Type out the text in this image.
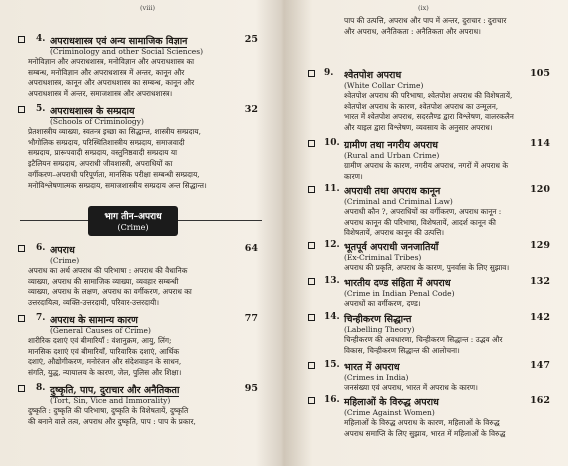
(viii)
4. अपराधशास्त्र एवं अन्य सामाजिक विज्ञान	25
(Criminology and other Social Sciences)
मनोविज्ञान और अपराधशास्त्र, मनोविज्ञान और अपराधशास्त्र का
सम्बन्ध, मनोविज्ञान और अपराधशास्त्र में अन्तर, कानून और
अपराधशास्त्र, कानून और अपराधशास्त्र का सम्बन्ध, कानून और
अपराधशास्त्र में अन्तर, समाजशास्त्र और अपराधशास्त्र।
5. अपराधशास्त्र के सम्प्रदाय	32
(Schools of Criminology)
प्रेतशास्त्रीय व्याख्या, स्वतन्त्र इच्छा का सिद्धान्त, शास्त्रीय सम्प्रदाय,
भौगोलिक सम्प्रदाय, परिस्थितिशास्त्रीय सम्प्रदाय, समाजवादी
सम्प्रदाय, प्रारूपवादी सम्प्रदाय, वस्तुनिष्ठवादी सम्प्रदाय या
इटैलियन सम्प्रदाय, अपराधी जीवशास्त्री, अपराधियों का
वर्गीकरण–अपराधी परिपूर्णता, मानसिक परीक्षा सम्बन्धी सम्प्रदाय,
मनोविश्लेषणात्मक सम्प्रदाय, समाजशास्त्रीय सम्प्रदाय अन्त सिद्धान्त।
भाग तीन–अपराध
(Crime)
6. अपराध	64
(Crime)
अपराध का अर्थ अपराध की परिभाषा : अपराध की वैधानिक
व्याख्या, अपराध की सामाजिक व्याख्या, व्यवहार सम्बन्धी
व्याख्या, अपराध के लक्षण, अपराध का वर्गीकरण, अपराध का
उत्तरदायित्व, व्यक्ति-उत्तरदायी, परिवार-उत्तरदायी।
7. अपराध के सामान्य कारण	77
(General Causes of Crime)
शारीरिक दशाएं एवं बीमारियाँ : वंशानुक्रम, आयु, लिंग;
मानसिक दशाएं एवं बीमारियाँ, पारिवारिक दशाएं, आर्थिक
दशाएं, औद्योगीकरण, मनोरंजन और संदेशवाहन के साधन,
संगति, युद्ध, न्यायालय के कारण, जेल, पुलिस और शिक्षा।
8. दुष्कृति, पाप, दुराचार और अनैतिकता	95
(Tort, Sin, Vice and Immorality)
दुष्कृति : दुष्कृति की परिभाषा, दुष्कृति के विशेषतायें, दुष्कृति
की बनाने वाले तत्व, अपराध और दुष्कृति, पाप : पाप के प्रकार,
(ix)
पाप की उत्पत्ति, अपराध और पाप में अन्तर, दुराचार : दुराचार
और अपराध, अनैतिकता : अनैतिकता और अपराध।
9. श्वेतपोश अपराध	105
(White Collar Crime)
श्वेतपोश अपराध की परिभाषा, श्वेतपोश अपराध की विशेषतायें,
श्वेतपोश अपराध के कारण, श्वेतपोश अपराध का उन्मूलन,
भारत में श्वेतपोश अपराध, सदरलैण्ड द्वारा विश्लेषण, वालरकलैन
और याइल द्वारा विश्लेषण, व्यवसाय के अनुसार अपराध।
10. ग्रामीण तथा नगरीय अपराध	114
(Rural and Urban Crime)
ग्रामीण अपराध के कारण, नगरीय अपराध, नगरों में अपराध के
कारण।
11. अपराधी तथा अपराध कानून	120
(Criminal and Criminal Law)
अपराधी कौन ?, अपराधियों का वर्गीकरण, अपराध कानून :
अपराध कानून की परिभाषा, विशेषतायें, आदर्श कानून की
विशेषतायें, अपराध कानून की उत्पत्ति।
12. भूतपूर्व अपराधी जनजातियाँ	129
(Ex-Criminal Tribes)
अपराध की प्रकृति, अपराध के कारण, पुनर्वास के लिए सुझाव।
13. भारतीय दण्ड संहिता में अपराध	132
(Crime in Indian Penal Code)
अपराधों का वर्गीकरण, दण्ड।
14. चिन्हीकरण सिद्धान्त	142
(Labelling Theory)
चिन्हीकरण की अवधारणा, चिन्हीकरण सिद्धान्त : उद्भव और
विकास, चिन्हीकरण सिद्धान्त की आलोचना।
15. भारत में अपराध	147
(Crimes in India)
जनसंख्या एवं अपराध, भारत में अपराध के कारण।
16. महिलाओं के विरुद्ध अपराध	162
(Crime Against Women)
महिलाओं के विरुद्ध अपराध के कारण, महिलाओं के विरुद्ध
अपराध समाप्ति के लिए सुझाव, भारत में महिलाओं के विरुद्ध
